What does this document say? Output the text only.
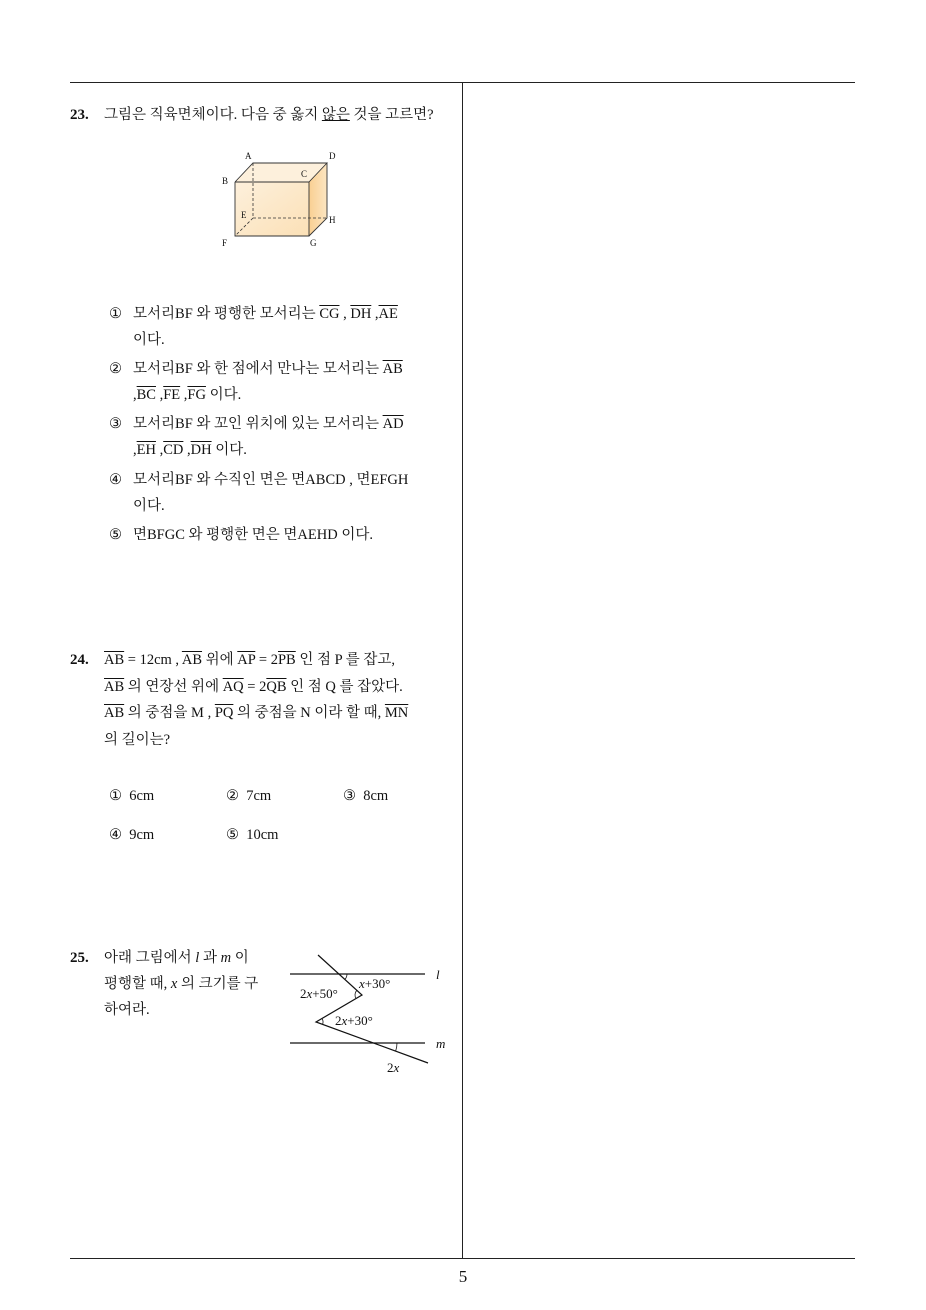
23. 그림은 직육면체이다. 다음 중 옳지 않은 것을 고르면?
A	D
B
C
E	H
F	G
① 모서리BF 와 평행한 모서리는 $\overline{CG}$ , $\overline{DH}$ $,\overline{AE}$
이다.
② 모서리BF 와 한 점에서 만나는 모서리는 $\overline{AB}$
$,\overline{BC}$ $,\overline{FE}$ $,\overline{FG}$ 이다.
③ 모서리BF 와 꼬인 위치에 있는 모서리는 $\overline{AD}$
$,\overline{EH}$ $,\overline{CD}$ $,\overline{DH}$ 이다.
④ 모서리BF 와 수직인 면은 면ABCD , 면EFGH
이다.
⑤ 면BFGC 와 평행한 면은 면AEHD 이다.
24. $\overline{AB} = 12cm$ , $\overline{AB}$ 위에 $\overline{AP} = 2\overline{PB}$ 인 점 P 를 잡고,
$\overline{AB}$ 의 연장선 위에 $\overline{AQ} = 2\overline{QB}$ 인 점 Q 를 잡았다.
$\overline{AB}$ 의 중점을 M , $\overline{PQ}$ 의 중점을 N 이라 할 때, $\overline{MN}$
의 길이는?
① 6cm	② 7cm	③ 8cm
④ 9cm	⑤ 10cm
25. 아래 그림에서 l 과 m 이
평행할 때, x 의 크기를 구
하여라.
l
m
x+30°
2x+50°
2x+30°
2x
5
